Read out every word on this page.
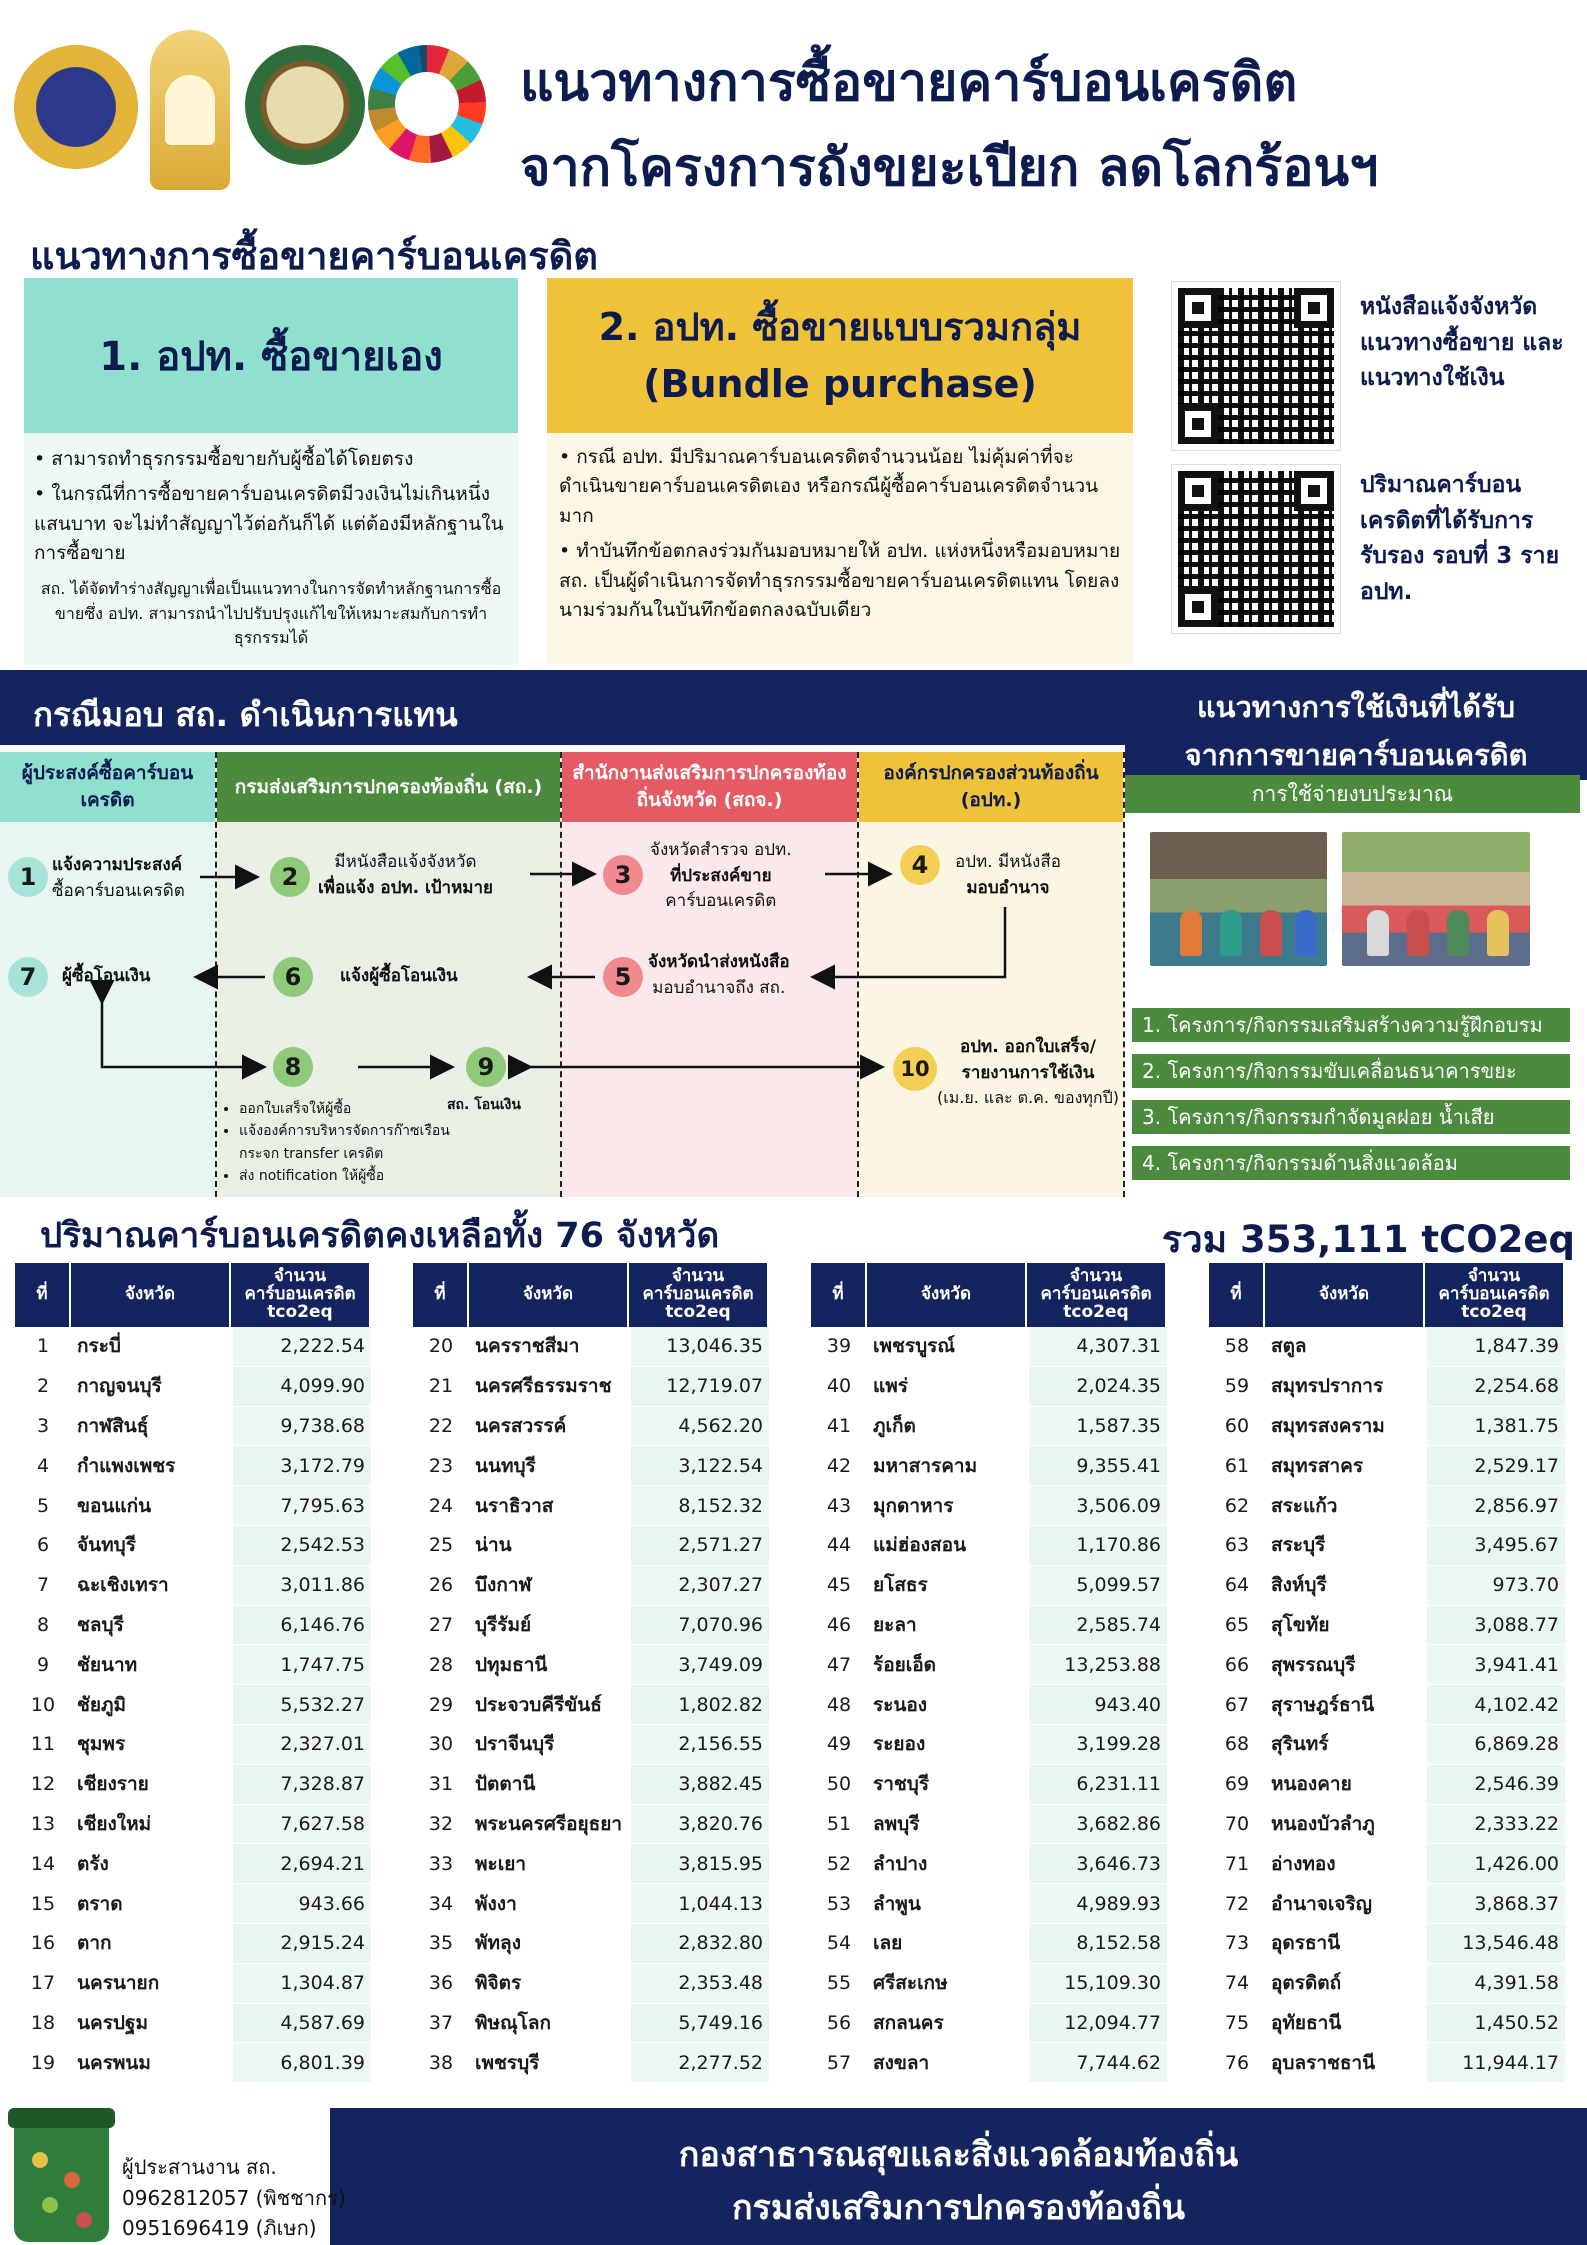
แนวทางการซื้อขายคาร์บอนเครดิต
จากโครงการถังขยะเปียก ลดโลกร้อนฯ
แนวทางการซื้อขายคาร์บอนเครดิต
1. อปท. ซื้อขายเอง

• สามารถทำธุรกรรมซื้อขายกับผู้ซื้อได้โดยตรง

• ในกรณีที่การซื้อขายคาร์บอนเครดิตมีวงเงินไม่เกินหนึ่งแสนบาท จะไม่ทำสัญญาไว้ต่อกันก็ได้ แต่ต้องมีหลักฐานในการซื้อขาย

สถ. ได้จัดทำร่างสัญญาเพื่อเป็นแนวทางในการจัดทำหลักฐานการซื้อขายซึ่ง อปท. สามารถนำไปปรับปรุงแก้ไขให้เหมาะสมกับการทำธุรกรรมได้

2. อปท. ซื้อขายแบบรวมกลุ่ม
(Bundle purchase)

• กรณี อปท. มีปริมาณคาร์บอนเครดิตจำนวนน้อย ไม่คุ้มค่าที่จะดำเนินขายคาร์บอนเครดิตเอง หรือกรณีผู้ซื้อคาร์บอนเครดิตจำนวนมาก

• ทำบันทึกข้อตกลงร่วมกันมอบหมายให้ อปท. แห่งหนึ่งหรือมอบหมาย สถ. เป็นผู้ดำเนินการจัดทำธุรกรรมซื้อขายคาร์บอนเครดิตแทน โดยลงนามร่วมกันในบันทึกข้อตกลงฉบับเดียว

หนังสือแจ้งจังหวัด แนวทางซื้อขาย และแนวทางใช้เงิน
ปริมาณคาร์บอนเครดิตที่ได้รับการรับรอง รอบที่ 3 ราย อปท.
กรณีมอบ สถ. ดำเนินการแทน	แนวทางการใช้เงินที่ได้รับ
จากการขายคาร์บอนเครดิต
ผู้ประสงค์ซื้อคาร์บอนเครดิต
กรมส่งเสริมการปกครองท้องถิ่น (สถ.)
สำนักงานส่งเสริมการปกครองท้องถิ่นจังหวัด (สถจ.)
องค์กรปกครองส่วนท้องถิ่น (อปท.)
1 แจ้งความประสงค์
ซื้อคาร์บอนเครดิต	2
มีหนังสือแจ้งจังหวัด
เพื่อแจ้ง อปท. เป้าหมาย	3
จังหวัดสำรวจ อปท.
ที่ประสงค์ขาย
คาร์บอนเครดิต
4	อปท. มีหนังสือ
มอบอำนาจ
5
จังหวัดนำส่งหนังสือ
มอบอำนาจถึง สถ.
6	แจ้งผู้ซื้อโอนเงิน
7	ผู้ซื้อโอนเงิน
8
• ออกใบเสร็จให้ผู้ซื้อ
• แจ้งองค์การบริหารจัดการก๊าซเรือนกระจก transfer เครดิต
• ส่ง notification ให้ผู้ซื้อ
9
สถ. โอนเงิน
10
อปท. ออกใบเสร็จ/
รายงานการใช้เงิน
(เม.ย. และ ต.ค. ของทุกปี)
การใช้จ่ายงบประมาณ
1. โครงการ/กิจกรรมเสริมสร้างความรู้ฝึกอบรม
2. โครงการ/กิจกรรมขับเคลื่อนธนาคารขยะ
3. โครงการ/กิจกรรมกำจัดมูลฝอย น้ำเสีย
4. โครงการ/กิจกรรมด้านสิ่งแวดล้อม
ปริมาณคาร์บอนเครดิตคงเหลือทั้ง 76 จังหวัด	รวม 353,111 tCO2eq
ที่	จังหวัด	จำนวน
คาร์บอนเครดิต
tco2eq

1	กระบี่	2,222.54
2	กาญจนบุรี	4,099.90
3	กาฬสินธุ์	9,738.68
4	กำแพงเพชร	3,172.79
5	ขอนแก่น	7,795.63
6	จันทบุรี	2,542.53
7	ฉะเชิงเทรา	3,011.86
8	ชลบุรี	6,146.76
9	ชัยนาท	1,747.75
10	ชัยภูมิ	5,532.27
11	ชุมพร	2,327.01
12	เชียงราย	7,328.87
13	เชียงใหม่	7,627.58
14	ตรัง	2,694.21
15	ตราด	943.66
16	ตาก	2,915.24
17	นครนายก	1,304.87
18	นครปฐม	4,587.69
19	นครพนม	6,801.39
ที่	จังหวัด	จำนวน
คาร์บอนเครดิต
tco2eq

20	นครราชสีมา	13,046.35
21	นครศรีธรรมราช	12,719.07
22	นครสวรรค์	4,562.20
23	นนทบุรี	3,122.54
24	นราธิวาส	8,152.32
25	น่าน	2,571.27
26	บึงกาฬ	2,307.27
27	บุรีรัมย์	7,070.96
28	ปทุมธานี	3,749.09
29	ประจวบคีรีขันธ์	1,802.82
30	ปราจีนบุรี	2,156.55
31	ปัตตานี	3,882.45
32	พระนครศรีอยุธยา	3,820.76
33	พะเยา	3,815.95
34	พังงา	1,044.13
35	พัทลุง	2,832.80
36	พิจิตร	2,353.48
37	พิษณุโลก	5,749.16
38	เพชรบุรี	2,277.52
ที่	จังหวัด	จำนวน
คาร์บอนเครดิต
tco2eq

39	เพชรบูรณ์	4,307.31
40	แพร่	2,024.35
41	ภูเก็ต	1,587.35
42	มหาสารคาม	9,355.41
43	มุกดาหาร	3,506.09
44	แม่ฮ่องสอน	1,170.86
45	ยโสธร	5,099.57
46	ยะลา	2,585.74
47	ร้อยเอ็ด	13,253.88
48	ระนอง	943.40
49	ระยอง	3,199.28
50	ราชบุรี	6,231.11
51	ลพบุรี	3,682.86
52	ลำปาง	3,646.73
53	ลำพูน	4,989.93
54	เลย	8,152.58
55	ศรีสะเกษ	15,109.30
56	สกลนคร	12,094.77
57	สงขลา	7,744.62
ที่	จังหวัด	จำนวน
คาร์บอนเครดิต
tco2eq

58	สตูล	1,847.39
59	สมุทรปราการ	2,254.68
60	สมุทรสงคราม	1,381.75
61	สมุทรสาคร	2,529.17
62	สระแก้ว	2,856.97
63	สระบุรี	3,495.67
64	สิงห์บุรี	973.70
65	สุโขทัย	3,088.77
66	สุพรรณบุรี	3,941.41
67	สุราษฎร์ธานี	4,102.42
68	สุรินทร์	6,869.28
69	หนองคาย	2,546.39
70	หนองบัวลำภู	2,333.22
71	อ่างทอง	1,426.00
72	อำนาจเจริญ	3,868.37
73	อุดรธานี	13,546.48
74	อุตรดิตถ์	4,391.58
75	อุทัยธานี	1,450.52
76	อุบลราชธานี	11,944.17
ผู้ประสานงาน สถ.
0962812057 (พิชชากร)
0951696419 (ภิเษก)
กองสาธารณสุขและสิ่งแวดล้อมท้องถิ่น
กรมส่งเสริมการปกครองท้องถิ่น
